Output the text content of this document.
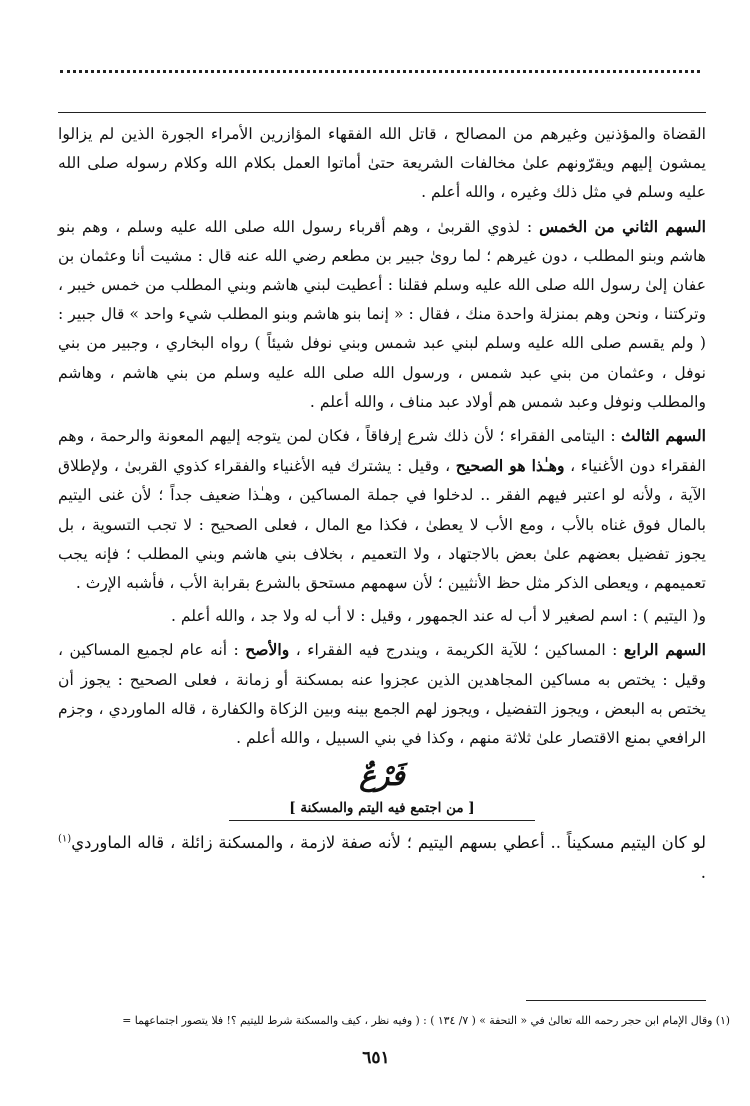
القضاة والمؤذنين وغيرهم من المصالح ، قاتل الله الفقهاء المؤازرين الأمراء الجورة الذين لم يزالوا يمشون إليهم ويقرّونهم علىٰ مخالفات الشريعة حتىٰ أماتوا العمل بكلام الله وكلام رسوله صلى الله عليه وسلم في مثل ذلك وغيره ، والله أعلم .

السهم الثاني من الخمس : لذوي القربىٰ ، وهم أقرباء رسول الله صلى الله عليه وسلم ، وهم بنو هاشم وبنو المطلب ، دون غيرهم ؛ لما روىٰ جبير بن مطعم رضي الله عنه قال : مشيت أنا وعثمان بن عفان إلىٰ رسول الله صلى الله عليه وسلم فقلنا : أعطيت لبني هاشم وبني المطلب من خمس خيبر ، وتركتنا ، ونحن وهم بمنزلة واحدة منك ، فقال : « إنما بنو هاشم وبنو المطلب شيء واحد » قال جبير : ( ولم يقسم صلى الله عليه وسلم لبني عبد شمس وبني نوفل شيئاً ) رواه البخاري ، وجبير من بني نوفل ، وعثمان من بني عبد شمس ، ورسول الله صلى الله عليه وسلم من بني هاشم ، وهاشم والمطلب ونوفل وعبد شمس هم أولاد عبد مناف ، والله أعلم .

السهم الثالث : اليتامى الفقراء ؛ لأن ذلك شرع إرفاقاً ، فكان لمن يتوجه إليهم المعونة والرحمة ، وهم الفقراء دون الأغنياء ، وهـٰذا هو الصحيح ، وقيل : يشترك فيه الأغنياء والفقراء كذوي القربىٰ ، ولإطلاق الآية ، ولأنه لو اعتبر فيهم الفقر .. لدخلوا في جملة المساكين ، وهـٰذا ضعيف جداً ؛ لأن غنى اليتيم بالمال فوق غناه بالأب ، ومع الأب لا يعطىٰ ، فكذا مع المال ، فعلى الصحيح : لا تجب التسوية ، بل يجوز تفضيل بعضهم علىٰ بعض بالاجتهاد ، ولا التعميم ، بخلاف بني هاشم وبني المطلب ؛ فإنه يجب تعميمهم ، ويعطى الذكر مثل حظ الأنثيين ؛ لأن سهمهم مستحق بالشرع بقرابة الأب ، فأشبه الإرث .

و( اليتيم ) : اسم لصغير لا أب له عند الجمهور ، وقيل : لا أب له ولا جد ، والله أعلم .

السهم الرابع : المساكين ؛ للآية الكريمة ، ويندرج فيه الفقراء ، والأصح : أنه عام لجميع المساكين ، وقيل : يختص به مساكين المجاهدين الذين عجزوا عنه بمسكنة أو زمانة ، فعلى الصحيح : يجوز أن يختص به البعض ، ويجوز التفضيل ، ويجوز لهم الجمع بينه وبين الزكاة والكفارة ، قاله الماوردي ، وجزم الرافعي بمنع الاقتصار علىٰ ثلاثة منهم ، وكذا في بني السبيل ، والله أعلم .

فَرْعٌ
[ من اجتمع فيه اليتم والمسكنة ]

لو كان اليتيم مسكيناً .. أعطي بسهم اليتيم ؛ لأنه صفة لازمة ، والمسكنة زائلة ، قاله الماوردي$^{(١)}$ .

(١) وقال الإمام ابن حجر رحمه الله تعالىٰ في « التحفة » ( ٧/ ١٣٤ ) : ( وفيه نظر ، كيف والمسكنة شرط لليتيم ؟! فلا يتصور اجتماعهما =
٦٥١
